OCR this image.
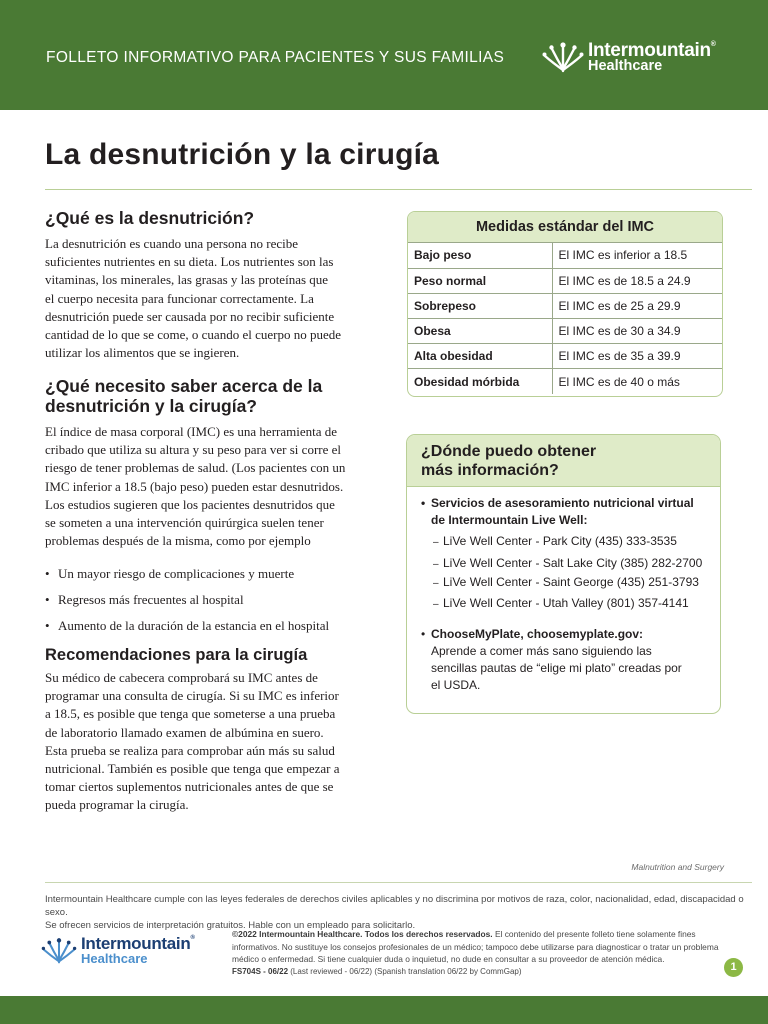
FOLLETO INFORMATIVO PARA PACIENTES Y SUS FAMILIAS	Intermountain®
Healthcare
La desnutrición y la cirugía
¿Qué es la desnutrición?
La desnutrición es cuando una persona no recibe
suficientes nutrientes en su dieta. Los nutrientes son las
vitaminas, los minerales, las grasas y las proteínas que
el cuerpo necesita para funcionar correctamente. La
desnutrición puede ser causada por no recibir suficiente
cantidad de lo que se come, o cuando el cuerpo no puede
utilizar los alimentos que se ingieren.
¿Qué necesito saber acerca de la
desnutrición y la cirugía?
El índice de masa corporal (IMC) es una herramienta de
cribado que utiliza su altura y su peso para ver si corre el
riesgo de tener problemas de salud. (Los pacientes con un
IMC inferior a 18.5 (bajo peso) pueden estar desnutridos.
Los estudios sugieren que los pacientes desnutridos que
se someten a una intervención quirúrgica suelen tener
problemas después de la misma, como por ejemplo
• Un mayor riesgo de complicaciones y muerte
• Regresos más frecuentes al hospital
• Aumento de la duración de la estancia en el hospital
Recomendaciones para la cirugía
Su médico de cabecera comprobará su IMC antes de
programar una consulta de cirugía. Si su IMC es inferior
a 18.5, es posible que tenga que someterse a una prueba
de laboratorio llamado examen de albúmina en suero.
Esta prueba se realiza para comprobar aún más su salud
nutricional. También es posible que tenga que empezar a
tomar ciertos suplementos nutricionales antes de que se
pueda programar la cirugía.
Medidas estándar del IMC
Bajo peso	El IMC es inferior a 18.5
Peso normal	El IMC es de 18.5 a 24.9
Sobrepeso	El IMC es de 25 a 29.9
Obesa	El IMC es de 30 a 34.9
Alta obesidad	El IMC es de 35 a 39.9
Obesidad mórbida	El IMC es de 40 o más
¿Dónde puedo obtener
más información?
• Servicios de asesoramiento nutricional virtual
de Intermountain Live Well:
– LiVe Well Center - Park City (435) 333-3535
– LiVe Well Center - Salt Lake City (385) 282-2700
– LiVe Well Center - Saint George (435) 251-3793
– LiVe Well Center - Utah Valley (801) 357-4141
• ChooseMyPlate, choosemyplate.gov:
Aprende a comer más sano siguiendo las
sencillas pautas de “elige mi plato” creadas por
el USDA.
Malnutrition and Surgery
Intermountain Healthcare cumple con las leyes federales de derechos civiles aplicables y no discrimina por motivos de raza, color, nacionalidad, edad, discapacidad o sexo.
Se ofrecen servicios de interpretación gratuitos. Hable con un empleado para solicitarlo.
Intermountain®
Healthcare
©2022 Intermountain Healthcare. Todos los derechos reservados. El contenido del presente folleto tiene solamente fines
informativos. No sustituye los consejos profesionales de un médico; tampoco debe utilizarse para diagnosticar o tratar un problema
médico o enfermedad. Si tiene cualquier duda o inquietud, no dude en consultar a su proveedor de atención médica.
FS704S - 06/22 (Last reviewed - 06/22) (Spanish translation 06/22 by CommGap)	1
